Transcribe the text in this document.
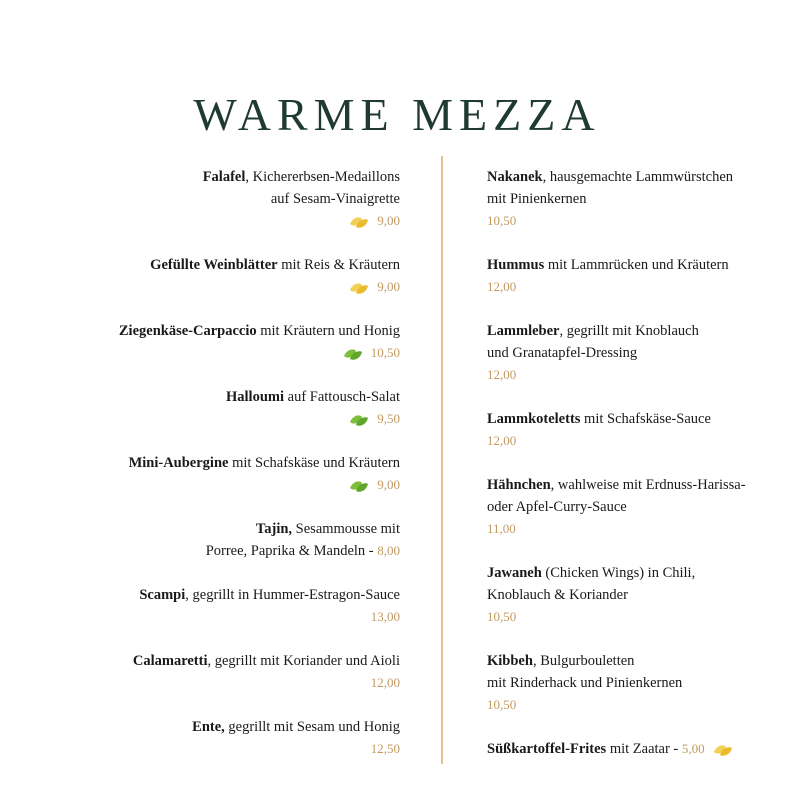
WARME MEZZA
Falafel, Kichererbsen-Medaillons
auf Sesam-Vinaigrette
9,00
Gefüllte Weinblätter mit Reis & Kräutern
9,00
Ziegenkäse-Carpaccio mit Kräutern und Honig
10,50
Halloumi auf Fattousch-Salat
9,50
Mini-Aubergine mit Schafskäse und Kräutern
9,00
Tajin, Sesammousse mit
Porree, Paprika & Mandeln - 8,00
Scampi, gegrillt in Hummer-Estragon-Sauce
13,00
Calamaretti, gegrillt mit Koriander und Aioli
12,00
Ente, gegrillt mit Sesam und Honig
12,50
Nakanek, hausgemachte Lammwürstchen
mit Pinienkernen
10,50
Hummus mit Lammrücken und Kräutern
12,00
Lammleber, gegrillt mit Knoblauch
und Granatapfel-Dressing
12,00
Lammkoteletts mit Schafskäse-Sauce
12,00
Hähnchen, wahlweise mit Erdnuss-Harissa-
oder Apfel-Curry-Sauce
11,00
Jawaneh (Chicken Wings) in Chili,
Knoblauch & Koriander
10,50
Kibbeh, Bulgurbouletten
mit Rinderhack und Pinienkernen
10,50
Süßkartoffel-Frites mit Zaatar - 5,00
